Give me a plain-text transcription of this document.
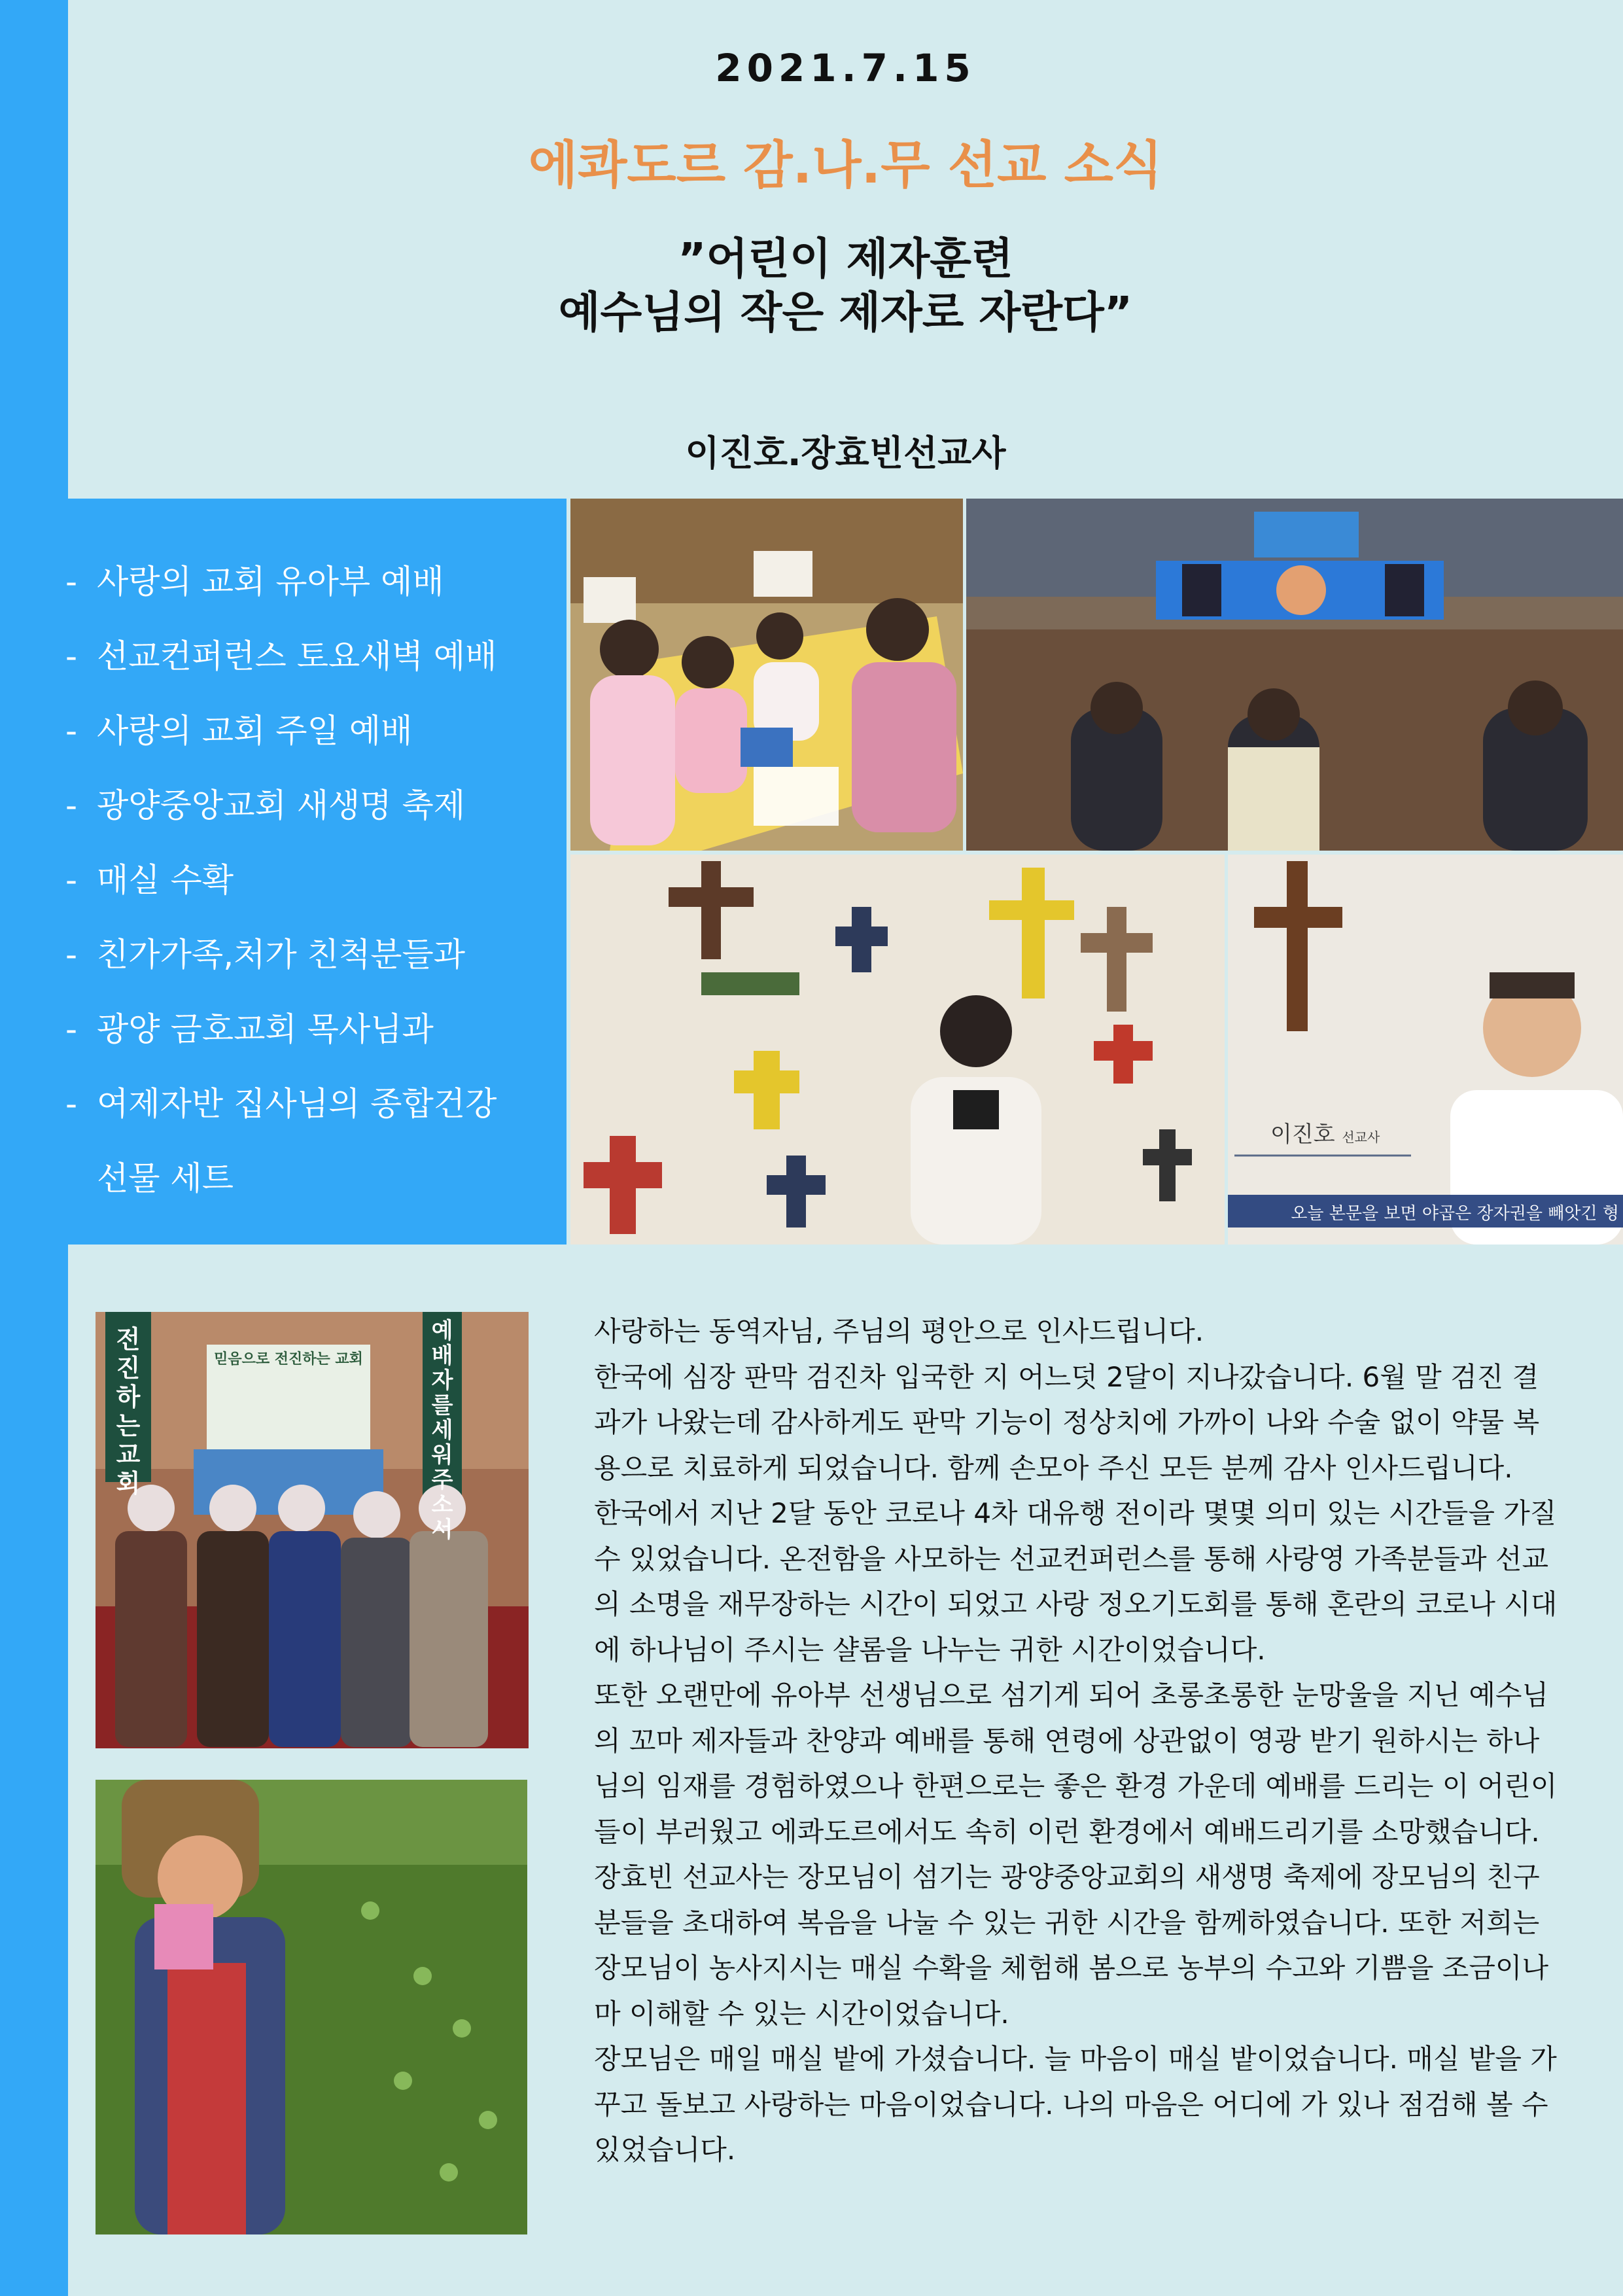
2021.7.15
에콰도르 감.나.무 선교 소식
”어린이 제자훈련
예수님의 작은 제자로 자란다”
이진호.장효빈선교사
- 사랑의 교회 유아부 예배
- 선교컨퍼런스 토요새벽 예배
- 사랑의 교회 주일 예배
- 광양중앙교회 새생명 축제
- 매실 수확
- 친가가족,처가 친척분들과
- 광양 금호교회 목사님과
- 여제자반 집사님의 종합건강
선물 세트
이진호 선교사
오늘 본문을 보면 야곱은 장자권을 빼앗긴 형
전진하는 교회
예배자를 세워 주소서
믿음으로 전진하는 교회

사랑하는 동역자님, 주님의 평안으로 인사드립니다.

한국에 심장 판막 검진차 입국한 지 어느덧 2달이 지나갔습니다. 6월 말 검진 결과가 나왔는데 감사하게도 판막 기능이 정상치에 가까이 나와 수술 없이 약물 복용으로 치료하게 되었습니다. 함께 손모아 주신 모든 분께 감사 인사드립니다.

한국에서 지난 2달 동안 코로나 4차 대유행 전이라 몇몇 의미 있는 시간들을 가질 수 있었습니다. 온전함을 사모하는 선교컨퍼런스를 통해 사랑영 가족분들과 선교의 소명을 재무장하는 시간이 되었고 사랑 정오기도회를 통해 혼란의 코로나 시대에 하나님이 주시는 샬롬을 나누는 귀한 시간이었습니다.

또한 오랜만에 유아부 선생님으로 섬기게 되어 초롱초롱한 눈망울을 지닌 예수님의 꼬마 제자들과 찬양과 예배를 통해 연령에 상관없이 영광 받기 원하시는 하나님의 임재를 경험하였으나 한편으로는 좋은 환경 가운데 예배를 드리는 이 어린이들이 부러웠고 에콰도르에서도 속히 이런 환경에서 예배드리기를 소망했습니다.

장효빈 선교사는 장모님이 섬기는 광양중앙교회의 새생명 축제에 장모님의 친구 분들을 초대하여 복음을 나눌 수 있는 귀한 시간을 함께하였습니다. 또한 저희는 장모님이 농사지시는 매실 수확을 체험해 봄으로 농부의 수고와 기쁨을 조금이나마 이해할 수 있는 시간이었습니다.

장모님은 매일 매실 밭에 가셨습니다. 늘 마음이 매실 밭이었습니다. 매실 밭을 가꾸고 돌보고 사랑하는 마음이었습니다. 나의 마음은 어디에 가 있나 점검해 볼 수 있었습니다.
